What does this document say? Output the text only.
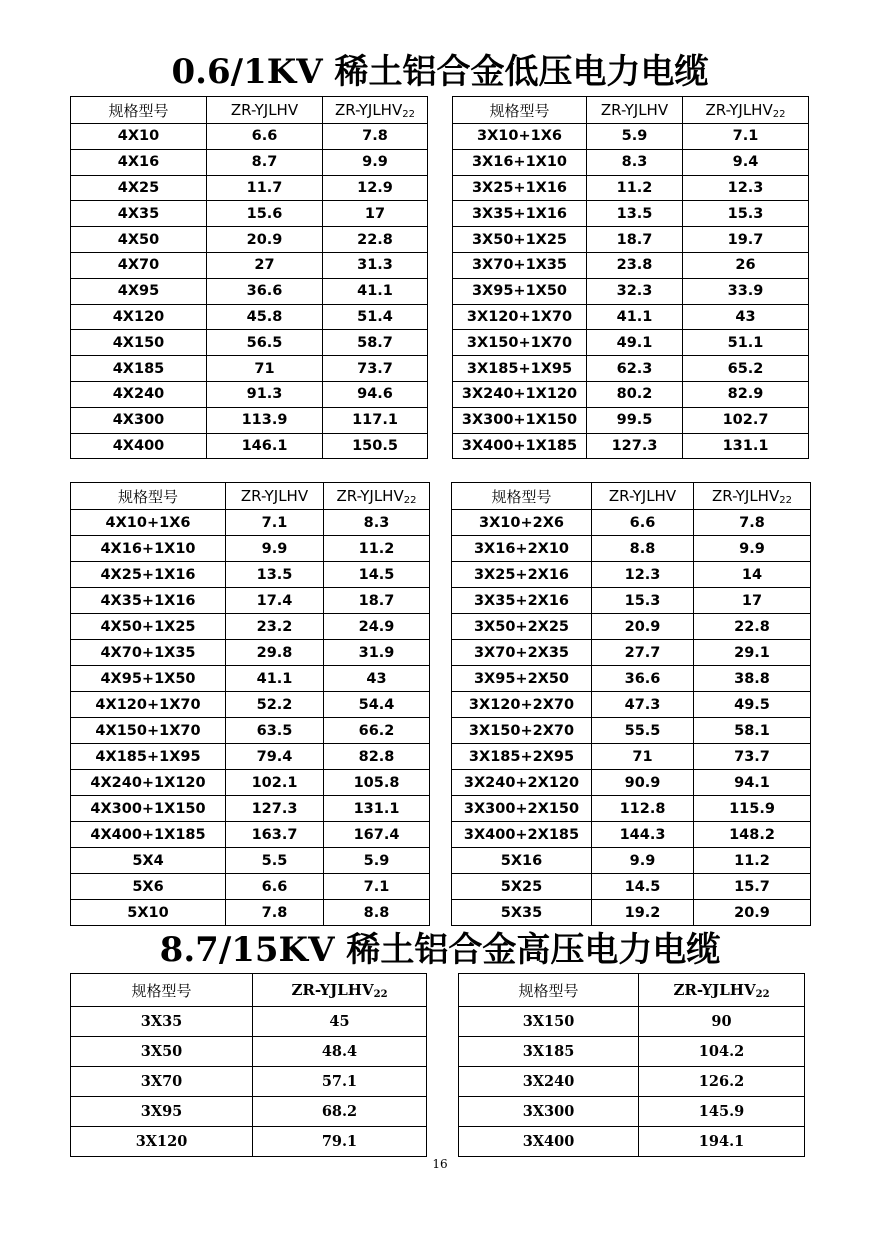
0.6/1KV 稀土铝合金低压电力电缆
规格型号	ZR-YJLHV	$ZR-YJLHV_{22}$
4X10	6.6	7.8
4X16	8.7	9.9
4X25	11.7	12.9
4X35	15.6	17
4X50	20.9	22.8
4X70	27	31.3
4X95	36.6	41.1
4X120	45.8	51.4
4X150	56.5	58.7
4X185	71	73.7
4X240	91.3	94.6
4X300	113.9	117.1
4X400	146.1	150.5
规格型号	ZR-YJLHV	$ZR-YJLHV_{22}$
3X10+1X6	5.9	7.1
3X16+1X10	8.3	9.4
3X25+1X16	11.2	12.3
3X35+1X16	13.5	15.3
3X50+1X25	18.7	19.7
3X70+1X35	23.8	26
3X95+1X50	32.3	33.9
3X120+1X70	41.1	43
3X150+1X70	49.1	51.1
3X185+1X95	62.3	65.2
3X240+1X120	80.2	82.9
3X300+1X150	99.5	102.7
3X400+1X185	127.3	131.1
规格型号	ZR-YJLHV	$ZR-YJLHV_{22}$
4X10+1X6	7.1	8.3
4X16+1X10	9.9	11.2
4X25+1X16	13.5	14.5
4X35+1X16	17.4	18.7
4X50+1X25	23.2	24.9
4X70+1X35	29.8	31.9
4X95+1X50	41.1	43
4X120+1X70	52.2	54.4
4X150+1X70	63.5	66.2
4X185+1X95	79.4	82.8
4X240+1X120	102.1	105.8
4X300+1X150	127.3	131.1
4X400+1X185	163.7	167.4
5X4	5.5	5.9
5X6	6.6	7.1
5X10	7.8	8.8
规格型号	ZR-YJLHV	$ZR-YJLHV_{22}$
3X10+2X6	6.6	7.8
3X16+2X10	8.8	9.9
3X25+2X16	12.3	14
3X35+2X16	15.3	17
3X50+2X25	20.9	22.8
3X70+2X35	27.7	29.1
3X95+2X50	36.6	38.8
3X120+2X70	47.3	49.5
3X150+2X70	55.5	58.1
3X185+2X95	71	73.7
3X240+2X120	90.9	94.1
3X300+2X150	112.8	115.9
3X400+2X185	144.3	148.2
5X16	9.9	11.2
5X25	14.5	15.7
5X35	19.2	20.9
8.7/15KV 稀土铝合金高压电力电缆
规格型号	$ZR-YJLHV_{22}$
3X35	45
3X50	48.4
3X70	57.1
3X95	68.2
3X120	79.1
规格型号	$ZR-YJLHV_{22}$
3X150	90
3X185	104.2
3X240	126.2
3X300	145.9
3X400	194.1
16
